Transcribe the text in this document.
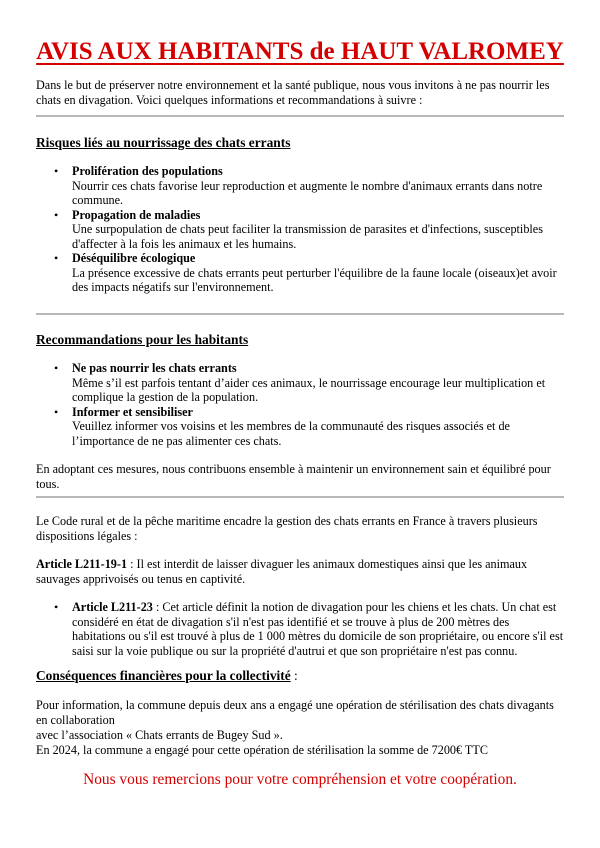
AVIS AUX HABITANTS de HAUT VALROMEY

Dans le but de préserver notre environnement et la santé publique, nous vous invitons à ne pas nourrir les chats en divagation. Voici quelques informations et recommandations à suivre :

Risques liés au nourrissage des chats errants
• Prolifération des populations
Nourrir ces chats favorise leur reproduction et augmente le nombre d'animaux errants dans notre commune.
• Propagation de maladies
Une surpopulation de chats peut faciliter la transmission de parasites et d'infections, susceptibles d'affecter à la fois les animaux et les humains.
• Déséquilibre écologique
La présence excessive de chats errants peut perturber l'équilibre de la faune locale (oiseaux)et avoir des impacts négatifs sur l'environnement.
Recommandations pour les habitants
• Ne pas nourrir les chats errants
Même s’il est parfois tentant d’aider ces animaux, le nourrissage encourage leur multiplication et complique la gestion de la population.
• Informer et sensibiliser
Veuillez informer vos voisins et les membres de la communauté des risques associés et de l’importance de ne pas alimenter ces chats.

En adoptant ces mesures, nous contribuons ensemble à maintenir un environnement sain et équilibré pour tous.

Le Code rural et de la pêche maritime encadre la gestion des chats errants en France à travers plusieurs dispositions légales :

Article L211-19-1 : Il est interdit de laisser divaguer les animaux domestiques ainsi que les animaux sauvages apprivoisés ou tenus en captivité.

• Article L211-23 : Cet article définit la notion de divagation pour les chiens et les chats. Un chat est considéré en état de divagation s'il n'est pas identifié et se trouve à plus de 200 mètres des habitations ou s'il est trouvé à plus de 1 000 mètres du domicile de son propriétaire, ou encore s'il est saisi sur la voie publique ou sur la propriété d'autrui et que son propriétaire n'est pas connu.

Conséquences financières pour la collectivité :

Pour information, la commune depuis deux ans a engagé une opération de stérilisation des chats divagants en collaboration

avec l’association « Chats errants de Bugey Sud ».

En 2024, la commune a engagé pour cette opération de stérilisation la somme de 7200€ TTC

Nous vous remercions pour votre compréhension et votre coopération.
